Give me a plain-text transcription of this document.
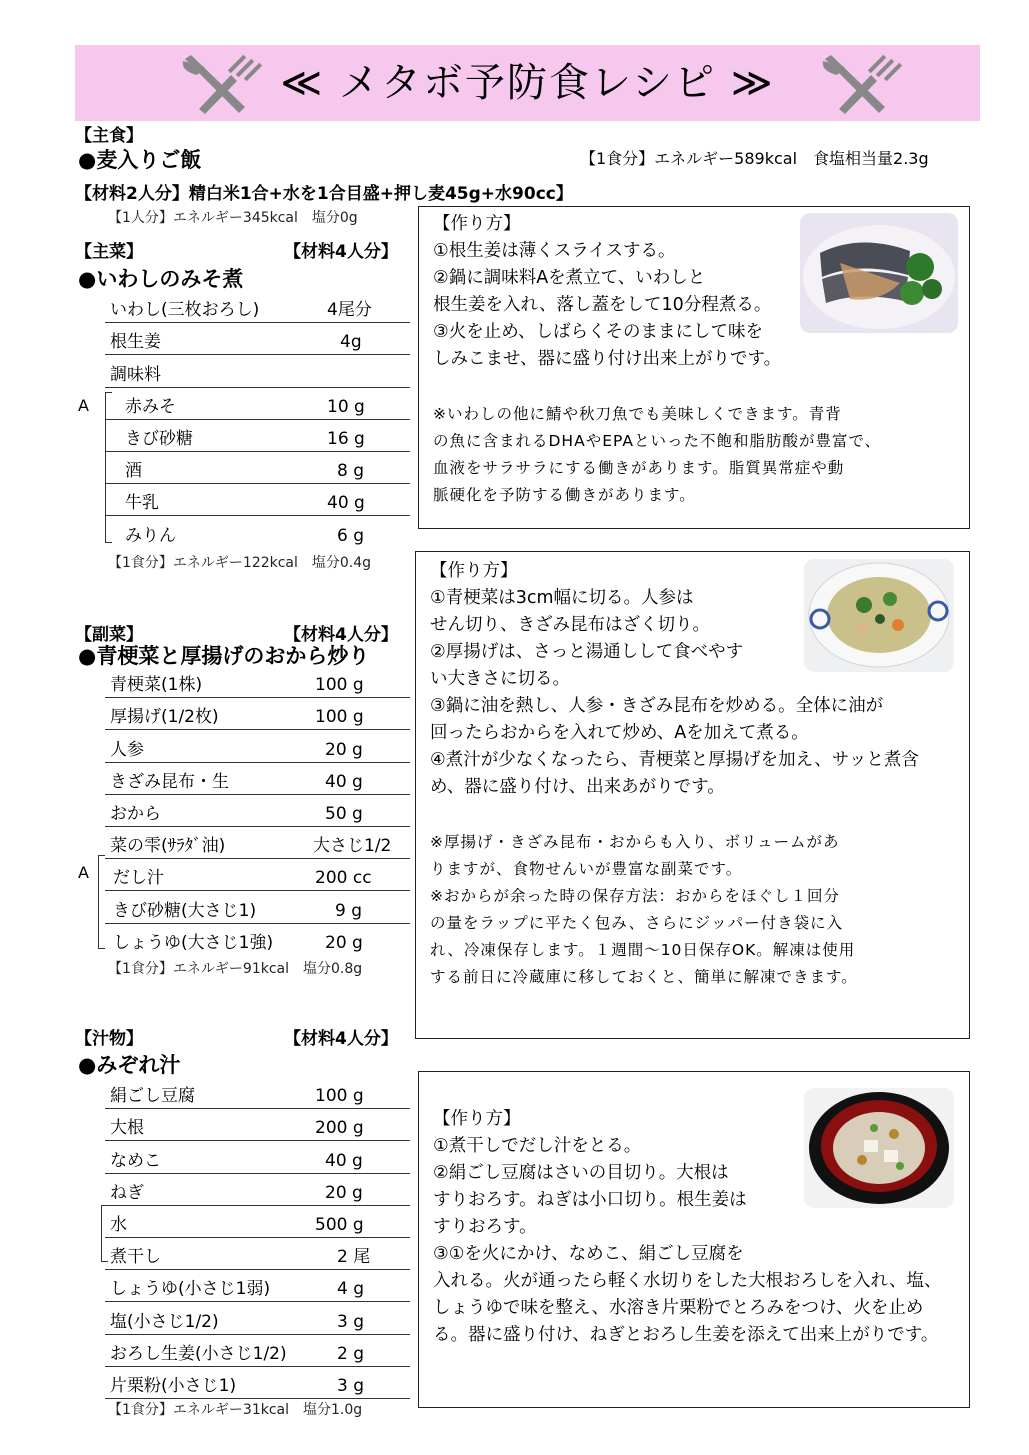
≪ メタボ予防食レシピ ≫
【主食】
●麦入りご飯	【1食分】エネルギー589kcal　食塩相当量2.3g
【材料2人分】精白米1合+水を1合目盛+押し麦45g+水90cc】
【1人分】エネルギー345kcal　塩分0g
【主菜】	【材料4人分】
●いわしのみそ煮
いわし(三枚おろし)	4尾分
根生姜	4g
調味料
赤みそ	10 g
きび砂糖	16 g
酒	8 g
牛乳	40 g
みりん	6 g
A
【1食分】エネルギー122kcal　塩分0.4g
【作り方】
①根生姜は薄くスライスする。
②鍋に調味料Aを煮立て、いわしと
根生姜を入れ、落し蓋をして10分程煮る。
③火を止め、しばらくそのままにして味を
しみこませ、器に盛り付け出来上がりです。
※いわしの他に鯖や秋刀魚でも美味しくできます。青背
の魚に含まれるDHAやEPAといった不飽和脂肪酸が豊富で、
血液をサラサラにする働きがあります。脂質異常症や動
脈硬化を予防する働きがあります。
【副菜】	【材料4人分】
●青梗菜と厚揚げのおから炒り
青梗菜(1株)	100 g
厚揚げ(1/2枚)	100 g
人参	20 g
きざみ昆布・生	40 g
おから	50 g
菜の雫(ｻﾗﾀﾞ油)	大さじ1/2
だし汁	200 cc
きび砂糖(大さじ1)	9 g
しょうゆ(大さじ1強)	20 g
A
【1食分】エネルギー91kcal　塩分0.8g
【作り方】
①青梗菜は3cm幅に切る。人参は
せん切り、きざみ昆布はざく切り。
②厚揚げは、さっと湯通しして食べやす
い大きさに切る。
③鍋に油を熱し、人参・きざみ昆布を炒める。全体に油が
回ったらおからを入れて炒め、Aを加えて煮る。
④煮汁が少なくなったら、青梗菜と厚揚げを加え、サッと煮含
め、器に盛り付け、出来あがりです。
※厚揚げ・きざみ昆布・おからも入り、ボリュームがあ
りますが、食物せんいが豊富な副菜です。
※おからが余った時の保存方法：おからをほぐし１回分
の量をラップに平たく包み、さらにジッパー付き袋に入
れ、冷凍保存します。１週間〜10日保存OK。解凍は使用
する前日に冷蔵庫に移しておくと、簡単に解凍できます。
【汁物】	【材料4人分】
●みぞれ汁
絹ごし豆腐	100 g
大根	200 g
なめこ	40 g
ねぎ	20 g
水	500 g
煮干し	2 尾
しょうゆ(小さじ1弱)	4 g
塩(小さじ1/2)	3 g
おろし生姜(小さじ1/2)	2 g
片栗粉(小さじ1)	3 g
【1食分】エネルギー31kcal　塩分1.0g
【作り方】
①煮干しでだし汁をとる。
②絹ごし豆腐はさいの目切り。大根は
すりおろす。ねぎは小口切り。根生姜は
すりおろす。
③①を火にかけ、なめこ、絹ごし豆腐を
入れる。火が通ったら軽く水切りをした大根おろしを入れ、塩、
しょうゆで味を整え、水溶き片栗粉でとろみをつけ、火を止め
る。器に盛り付け、ねぎとおろし生姜を添えて出来上がりです。
